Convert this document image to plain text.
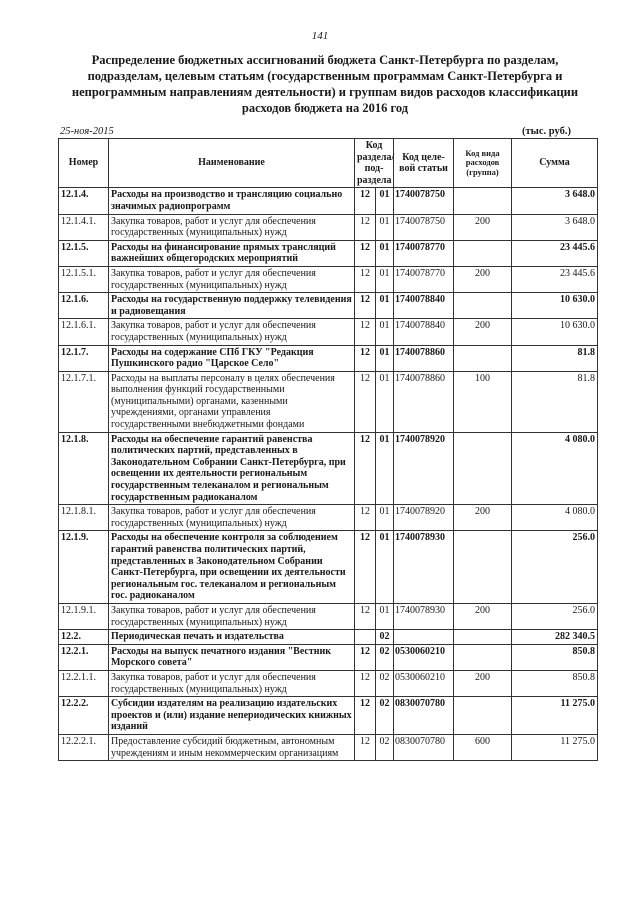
141
Распределение бюджетных ассигнований бюджета Санкт-Петербурга по разделам, подразделам, целевым статьям (государственным программам Санкт-Петербурга и непрограммным направлениям деятельности) и группам видов расходов классификации расходов бюджета на 2016 год
25-ноя-2015	(тыс. руб.)
Номер	Наименование	Код раздела/ под- раздела		Код целе- вой статьи	Код вида расходов (группа)	Сумма
12.1.4.	Расходы на производство и трансляцию социально значимых радиопрограмм	12	01	1740078750		3 648.0
12.1.4.1.	Закупка товаров, работ и услуг для обеспечения государственных (муниципальных) нужд	12	01	1740078750	200	3 648.0
12.1.5.	Расходы на финансирование прямых трансляций важнейших общегородских мероприятий	12	01	1740078770		23 445.6
12.1.5.1.	Закупка товаров, работ и услуг для обеспечения государственных (муниципальных) нужд	12	01	1740078770	200	23 445.6
12.1.6.	Расходы на государственную поддержку телевидения и радиовещания	12	01	1740078840		10 630.0
12.1.6.1.	Закупка товаров, работ и услуг для обеспечения государственных (муниципальных) нужд	12	01	1740078840	200	10 630.0
12.1.7.	Расходы на содержание СПб ГКУ "Редакция Пушкинского радио "Царское Село"	12	01	1740078860		81.8
12.1.7.1.	Расходы на выплаты персоналу в целях обеспечения выполнения функций государственными (муниципальными) органами, казенными учреждениями, органами управления государственными внебюджетными фондами	12	01	1740078860	100	81.8
12.1.8.	Расходы на обеспечение гарантий равенства политических партий, представленных в Законодательном Собрании Санкт-Петербурга, при освещении их деятельности региональным государственным телеканалом и региональным государственным радиоканалом	12	01	1740078920		4 080.0
12.1.8.1.	Закупка товаров, работ и услуг для обеспечения государственных (муниципальных) нужд	12	01	1740078920	200	4 080.0
12.1.9.	Расходы на обеспечение контроля за соблюдением гарантий равенства политических партий, представленных в Законодательном Собрании Санкт-Петербурга, при освещении их деятельности региональным гос. телеканалом и региональным гос. радиоканалом	12	01	1740078930		256.0
12.1.9.1.	Закупка товаров, работ и услуг для обеспечения государственных (муниципальных) нужд	12	01	1740078930	200	256.0
12.2.	Периодическая печать и издательства		02			282 340.5
12.2.1.	Расходы на выпуск печатного издания "Вестник Морского совета"	12	02	0530060210		850.8
12.2.1.1.	Закупка товаров, работ и услуг для обеспечения государственных (муниципальных) нужд	12	02	0530060210	200	850.8
12.2.2.	Субсидии издателям на реализацию издательских проектов и (или) издание непериодических книжных изданий	12	02	0830070780		11 275.0
12.2.2.1.	Предоставление субсидий бюджетным, автономным учреждениям и иным некоммерческим организациям	12	02	0830070780	600	11 275.0
